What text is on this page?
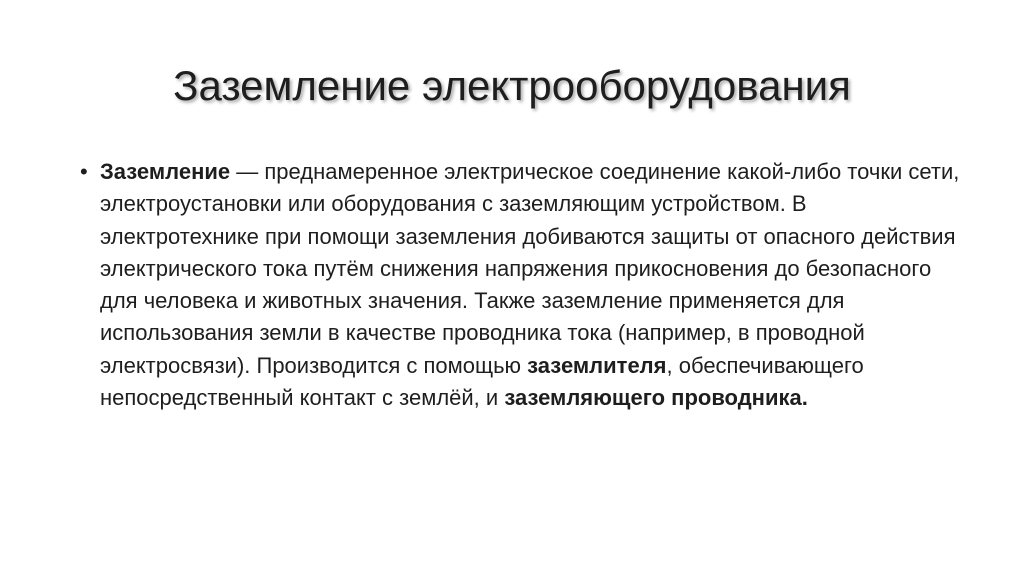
Заземление электрооборудования
• Заземление — преднамеренное электрическое соединение какой-либо точки сети, электроустановки или оборудования с заземляющим устройством. В электротехнике при помощи заземления добиваются защиты от опасного действия электрического тока путём снижения напряжения прикосновения до безопасного для человека и животных значения. Также заземление применяется для использования земли в качестве проводника тока (например, в проводной электросвязи). Производится с помощью заземлителя, обеспечивающего непосредственный контакт с землёй, и заземляющего проводника.
